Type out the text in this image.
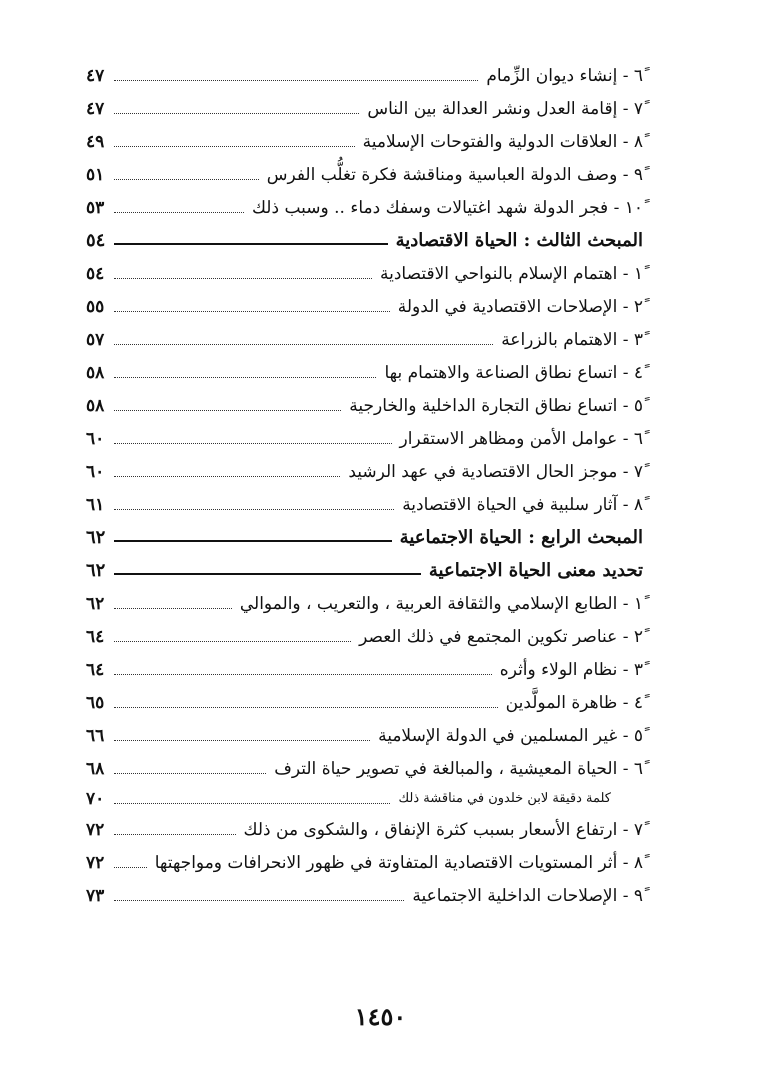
٦ً - إنشاء ديوان الزِّمام
٤٧
٧ً - إقامة العدل ونشر العدالة بين الناس
٤٧
٨ً - العلاقات الدولية والفتوحات الإسلامية
٤٩
٩ً - وصف الدولة العباسية ومناقشة فكرة تغلُّب الفرس
٥١
١٠ً - فجر الدولة شهد اغتيالات وسفك دماء .. وسبب ذلك
٥٣
المبحث الثالث : الحياة الاقتصادية
٥٤
١ً - اهتمام الإسلام بالنواحي الاقتصادية
٥٤
٢ً - الإصلاحات الاقتصادية في الدولة
٥٥
٣ً - الاهتمام بالزراعة
٥٧
٤ً - اتساع نطاق الصناعة والاهتمام بها
٥٨
٥ً - اتساع نطاق التجارة الداخلية والخارجية
٥٨
٦ً - عوامل الأمن ومظاهر الاستقرار
٦٠
٧ً - موجز الحال الاقتصادية في عهد الرشيد
٦٠
٨ً - آثار سلبية في الحياة الاقتصادية
٦١
المبحث الرابع : الحياة الاجتماعية
٦٢
تحديد معنى الحياة الاجتماعية
٦٢
١ً - الطابع الإسلامي والثقافة العربية ، والتعريب ، والموالي
٦٢
٢ً - عناصر تكوين المجتمع في ذلك العصر
٦٤
٣ً - نظام الولاء وأثره
٦٤
٤ً - ظاهرة المولَّدين
٦٥
٥ً - غير المسلمين في الدولة الإسلامية
٦٦
٦ً - الحياة المعيشية ، والمبالغة في تصوير حياة الترف
٦٨
كلمة دقيقة لابن خلدون في مناقشة ذلك
٧٠
٧ً - ارتفاع الأسعار بسبب كثرة الإنفاق ، والشكوى من ذلك
٧٢
٨ً - أثر المستويات الاقتصادية المتفاوتة في ظهور الانحرافات ومواجهتها
٧٢
٩ً - الإصلاحات الداخلية الاجتماعية
٧٣
١٤٥٠
